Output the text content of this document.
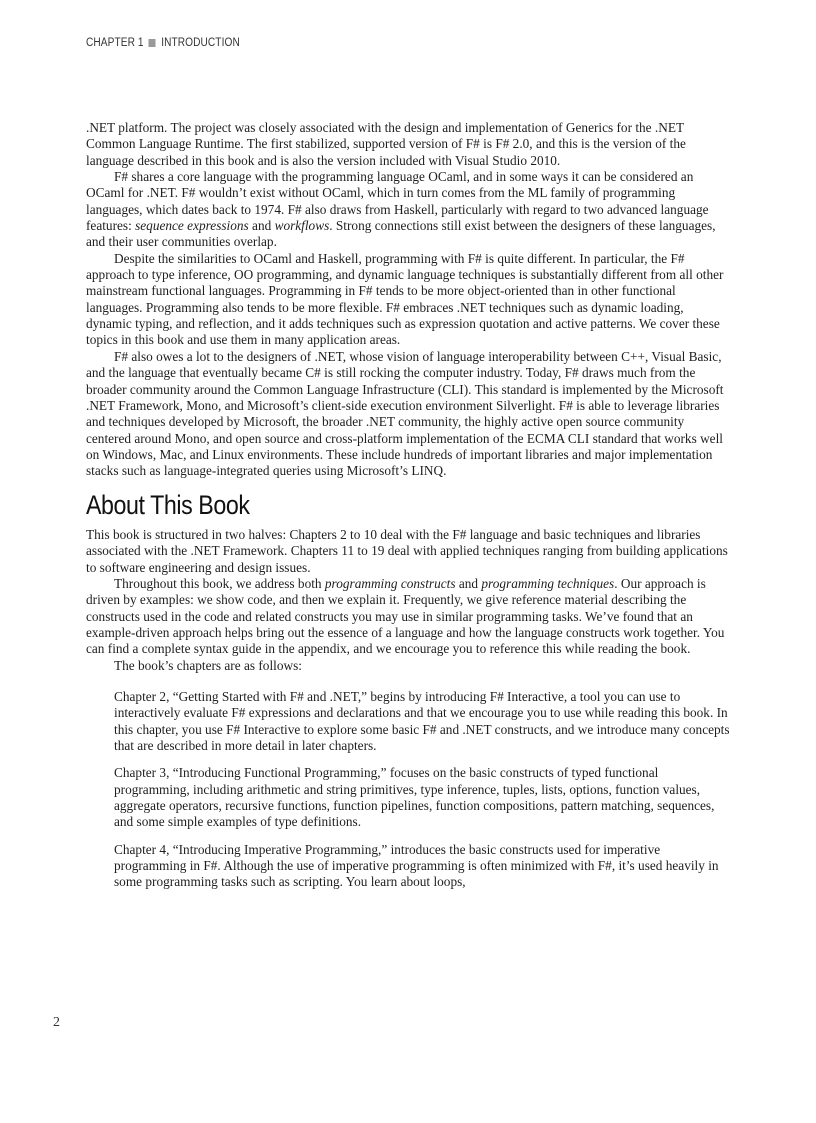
CHAPTER 1 INTRODUCTION

.NET platform. The project was closely associated with the design and implementation of Generics for the .NET Common Language Runtime. The first stabilized, supported version of F# is F# 2.0, and this is the version of the language described in this book and is also the version included with Visual Studio 2010.

F# shares a core language with the programming language OCaml, and in some ways it can be considered an OCaml for .NET. F# wouldn’t exist without OCaml, which in turn comes from the ML family of programming languages, which dates back to 1974. F# also draws from Haskell, particularly with regard to two advanced language features: sequence expressions and workflows. Strong connections still exist between the designers of these languages, and their user communities overlap.

Despite the similarities to OCaml and Haskell, programming with F# is quite different. In particular, the F# approach to type inference, OO programming, and dynamic language techniques is substantially different from all other mainstream functional languages. Programming in F# tends to be more object-oriented than in other functional languages. Programming also tends to be more flexible. F# embraces .NET techniques such as dynamic loading, dynamic typing, and reflection, and it adds techniques such as expression quotation and active patterns. We cover these topics in this book and use them in many application areas.

F# also owes a lot to the designers of .NET, whose vision of language interoperability between C++, Visual Basic, and the language that eventually became C# is still rocking the computer industry. Today, F# draws much from the broader community around the Common Language Infrastructure (CLI). This standard is implemented by the Microsoft .NET Framework, Mono, and Microsoft’s client-side execution environment Silverlight. F# is able to leverage libraries and techniques developed by Microsoft, the broader .NET community, the highly active open source community centered around Mono, and open source and cross-platform implementation of the ECMA CLI standard that works well on Windows, Mac, and Linux environments. These include hundreds of important libraries and major implementation stacks such as language-integrated queries using Microsoft’s LINQ.

About This Book

This book is structured in two halves: Chapters 2 to 10 deal with the F# language and basic techniques and libraries associated with the .NET Framework. Chapters 11 to 19 deal with applied techniques ranging from building applications to software engineering and design issues.

Throughout this book, we address both programming constructs and programming techniques. Our approach is driven by examples: we show code, and then we explain it. Frequently, we give reference material describing the constructs used in the code and related constructs you may use in similar programming tasks. We’ve found that an example-driven approach helps bring out the essence of a language and how the language constructs work together. You can find a complete syntax guide in the appendix, and we encourage you to reference this while reading the book.

The book’s chapters are as follows:

Chapter 2, “Getting Started with F# and .NET,” begins by introducing F# Interactive, a tool you can use to interactively evaluate F# expressions and declarations and that we encourage you to use while reading this book. In this chapter, you use F# Interactive to explore some basic F# and .NET constructs, and we introduce many concepts that are described in more detail in later chapters.

Chapter 3, “Introducing Functional Programming,” focuses on the basic constructs of typed functional programming, including arithmetic and string primitives, type inference, tuples, lists, options, function values, aggregate operators, recursive functions, function pipelines, function compositions, pattern matching, sequences, and some simple examples of type definitions.

Chapter 4, “Introducing Imperative Programming,” introduces the basic constructs used for imperative programming in F#. Although the use of imperative programming is often minimized with F#, it’s used heavily in some programming tasks such as scripting. You learn about loops,

2
